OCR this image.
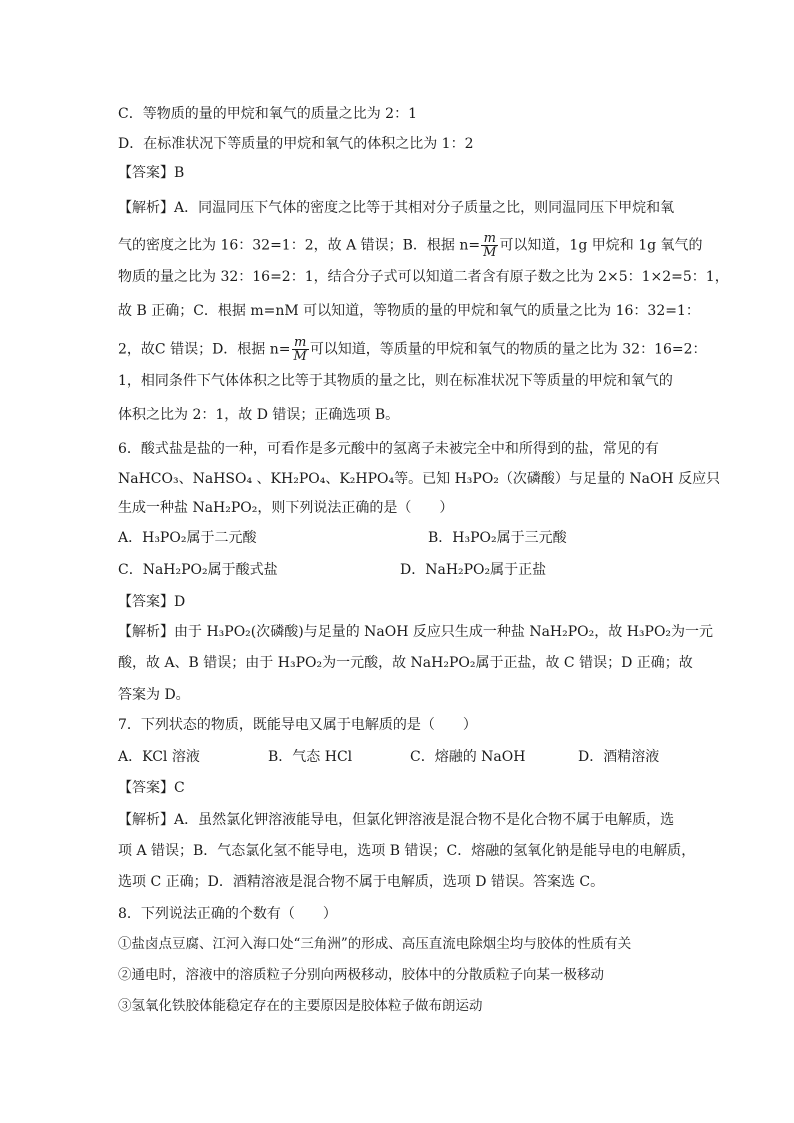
C．等物质的量的甲烷和氧气的质量之比为 2：1
D．在标准状况下等质量的甲烷和氧气的体积之比为 1：2
【答案】B
【解析】A．同温同压下气体的密度之比等于其相对分子质量之比，则同温同压下甲烷和氧
气的密度之比为 16：32=1：2，故 A 错误；B．根据 $n= \frac{m}{M}$ 可以知道，1g 甲烷和 1g 氧气的
物质的量之比为 32：16=2：1，结合分子式可以知道二者含有原子数之比为 2×5：1×2=5：1，
故 B 正确；C．根据 m=nM 可以知道，等物质的量的甲烷和氧气的质量之比为 16：32=1：
2，故C 错误；D．根据 $n= \frac{m}{M}$ 可以知道，等质量的甲烷和氧气的物质的量之比为 32：16=2：
1，相同条件下气体体积之比等于其物质的量之比，则在标准状况下等质量的甲烷和氧气的
体积之比为 2：1，故 D 错误；正确选项 B。
6．酸式盐是盐的一种，可看作是多元酸中的氢离子未被完全中和所得到的盐，常见的有
NaHCO₃、NaHSO₄ 、KH₂PO₄、K₂HPO₄等。已知 H₃PO₂（次磷酸）与足量的 NaOH 反应只
生成一种盐 NaH₂PO₂，则下列说法正确的是（　　）
A．H₃PO₂属于二元酸	B．H₃PO₂属于三元酸
C．NaH₂PO₂属于酸式盐	D．NaH₂PO₂属于正盐
【答案】D
【解析】由于 H₃PO₂(次磷酸)与足量的 NaOH 反应只生成一种盐 NaH₂PO₂，故 H₃PO₂为一元
酸，故 A、B 错误；由于 H₃PO₂为一元酸，故 NaH₂PO₂属于正盐，故 C 错误；D 正确；故
答案为 D。
7．下列状态的物质，既能导电又属于电解质的是（　　）
A．KCl 溶液	B．气态 HCl	C．熔融的 NaOH	D．酒精溶液
【答案】C
【解析】A．虽然氯化钾溶液能导电，但氯化钾溶液是混合物不是化合物不属于电解质，选
项 A 错误；B．气态氯化氢不能导电，选项 B 错误；C．熔融的氢氧化钠是能导电的电解质，
选项 C 正确；D．酒精溶液是混合物不属于电解质，选项 D 错误。答案选 C。
8．下列说法正确的个数有（　　）
①盐卤点豆腐、江河入海口处“三角洲”的形成、高压直流电除烟尘均与胶体的性质有关
②通电时，溶液中的溶质粒子分别向两极移动，胶体中的分散质粒子向某一极移动
③氢氧化铁胶体能稳定存在的主要原因是胶体粒子做布朗运动
